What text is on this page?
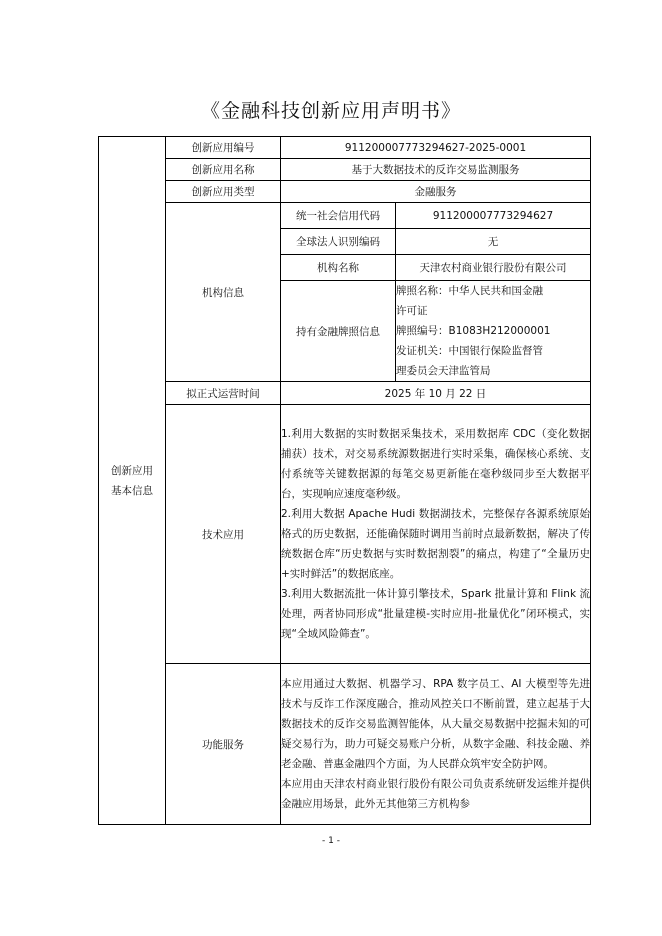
《金融科技创新应用声明书》
创新应用
基本信息	创新应用编号	911200007773294627-2025-0001	
	创新应用名称	基于大数据技术的反诈交易监测服务	
	创新应用类型	金融服务	
	机构信息	统一社会信用代码	911200007773294627
		全球法人识别编码	无
		机构名称	天津农村商业银行股份有限公司
		持有金融牌照信息	牌照名称：中华人民共和国金融
许可证
牌照编号：B1083H212000001
发证机关：中国银行保险监督管
理委员会天津监管局

	拟正式运营时间	2025 年 10 月 22 日	
	技术应用	1.利用大数据的实时数据采集技术，采用数据库 CDC（变化数据捕获）技术，对交易系统源数据进行实时采集，确保核心系统、支付系统等关键数据源的每笔交易更新能在毫秒级同步至大数据平台，实现响应速度毫秒级。
2.利用大数据 Apache Hudi 数据湖技术，完整保存各源系统原始格式的历史数据，还能确保随时调用当前时点最新数据，解决了传统数据仓库“历史数据与实时数据割裂”的痛点，构建了“全量历史+实时鲜活”的数据底座。
3.利用大数据流批一体计算引擎技术，Spark 批量计算和 Flink 流处理，两者协同形成“批量建模-实时应用-批量优化”闭环模式，实现“全域风险筛查”。	

	功能服务	本应用通过大数据、机器学习、RPA 数字员工、AI 大模型等先进技术与反诈工作深度融合，推动风控关口不断前置，建立起基于大数据技术的反诈交易监测智能体，从大量交易数据中挖掘未知的可疑交易行为，助力可疑交易账户分析，从数字金融、科技金融、养老金融、普惠金融四个方面，为人民群众筑牢安全防护网。
本应用由天津农村商业银行股份有限公司负责系统研发运维并提供金融应用场景，此外无其他第三方机构参	
- 1 -
